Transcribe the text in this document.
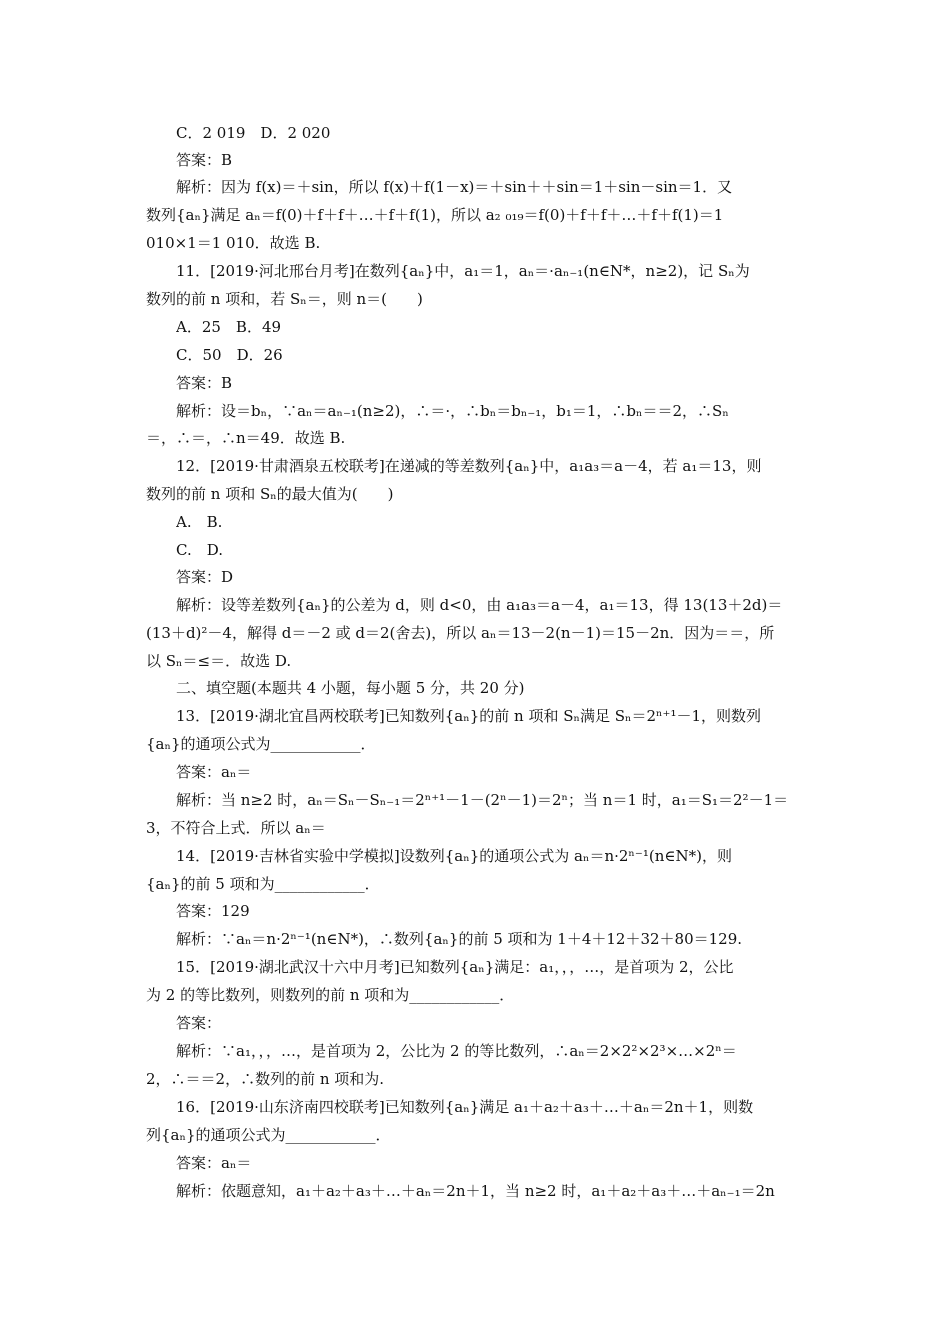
C．2 019　D．2 020
答案：B
解析：因为 f(x)＝＋sin，所以 f(x)＋f(1－x)＝＋sin＋＋sin＝1＋sin－sin＝1．又
数列{aₙ}满足 aₙ＝f(0)＋f＋f＋…＋f＋f(1)，所以 a₂ ₀₁₉＝f(0)＋f＋f＋…＋f＋f(1)＝1
010×1＝1 010．故选 B.
11．[2019·河北邢台月考]在数列{aₙ}中，a₁＝1，aₙ＝·aₙ₋₁(n∈N*，n≥2)，记 Sₙ为
数列的前 n 项和，若 Sₙ＝，则 n＝(　　)
A．25　B．49
C．50　D．26
答案：B
解析：设＝bₙ，∵aₙ＝aₙ₋₁(n≥2)，∴＝·，∴bₙ＝bₙ₋₁，b₁＝1，∴bₙ＝＝2，∴Sₙ
＝，∴＝，∴n＝49．故选 B.
12．[2019·甘肃酒泉五校联考]在递减的等差数列{aₙ}中，a₁a₃＝a－4，若 a₁＝13，则
数列的前 n 项和 Sₙ的最大值为(　　)
A.　B.
C.　D.
答案：D
解析：设等差数列{aₙ}的公差为 d，则 d<0，由 a₁a₃＝a－4，a₁＝13，得 13(13＋2d)＝
(13＋d)²－4，解得 d＝－2 或 d＝2(舍去)，所以 aₙ＝13－2(n－1)＝15－2n．因为＝＝，所
以 Sₙ＝≤＝．故选 D.
二、填空题(本题共 4 小题，每小题 5 分，共 20 分)
13．[2019·湖北宜昌两校联考]已知数列{aₙ}的前 n 项和 Sₙ满足 Sₙ＝2ⁿ⁺¹－1，则数列
{aₙ}的通项公式为____________．
答案：aₙ＝
解析：当 n≥2 时，aₙ＝Sₙ－Sₙ₋₁＝2ⁿ⁺¹－1－(2ⁿ－1)＝2ⁿ；当 n＝1 时，a₁＝S₁＝2²－1＝
3，不符合上式．所以 aₙ＝
14．[2019·吉林省实验中学模拟]设数列{aₙ}的通项公式为 aₙ＝n·2ⁿ⁻¹(n∈N*)，则
{aₙ}的前 5 项和为____________．
答案：129
解析：∵aₙ＝n·2ⁿ⁻¹(n∈N*)，∴数列{aₙ}的前 5 项和为 1＋4＋12＋32＋80＝129.
15．[2019·湖北武汉十六中月考]已知数列{aₙ}满足：a₁，，，…，是首项为 2，公比
为 2 的等比数列，则数列的前 n 项和为____________．
答案：
解析：∵a₁，，，…，是首项为 2，公比为 2 的等比数列，∴aₙ＝2×2²×2³×…×2ⁿ＝
2，∴＝＝2，∴数列的前 n 项和为.
16．[2019·山东济南四校联考]已知数列{aₙ}满足 a₁＋a₂＋a₃＋…＋aₙ＝2n＋1，则数
列{aₙ}的通项公式为____________．
答案：aₙ＝
解析：依题意知，a₁＋a₂＋a₃＋…＋aₙ＝2n＋1，当 n≥2 时，a₁＋a₂＋a₃＋…＋aₙ₋₁＝2n
